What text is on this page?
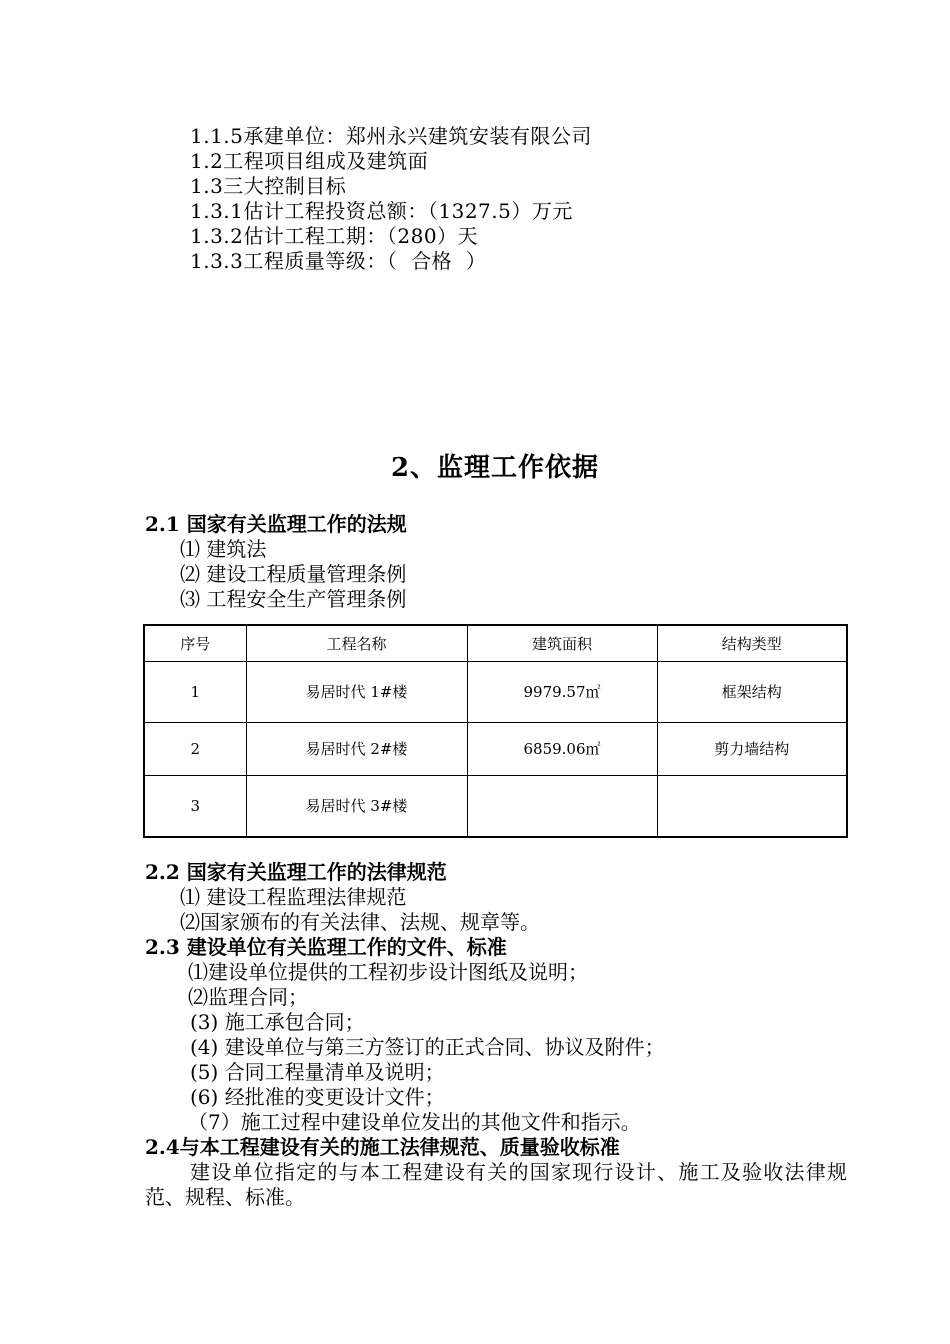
1.1.5承建单位：郑州永兴建筑安装有限公司
1.2工程项目组成及建筑面
1.3三大控制目标
1.3.1估计工程投资总额：（1327.5）万元
1.3.2估计工程工期：（280）天
1.3.3工程质量等级：（  合格  ）
2、监理工作依据
2.1 国家有关监理工作的法规
⑴ 建筑法
⑵ 建设工程质量管理条例
⑶ 工程安全生产管理条例
序号	工程名称	建筑面积	结构类型
1	易居时代 1#楼	9979.57㎡	框架结构
2	易居时代 2#楼	6859.06㎡	剪力墙结构
3	易居时代 3#楼		
2.2 国家有关监理工作的法律规范
⑴ 建设工程监理法律规范
⑵国家颁布的有关法律、法规、规章等。
2.3 建设单位有关监理工作的文件、标准
⑴建设单位提供的工程初步设计图纸及说明；
⑵监理合同；
(3) 施工承包合同；
(4) 建设单位与第三方签订的正式合同、协议及附件；
(5) 合同工程量清单及说明；
(6) 经批准的变更设计文件；
（7）施工过程中建设单位发出的其他文件和指示。
2.4与本工程建设有关的施工法律规范、质量验收标准
建设单位指定的与本工程建设有关的国家现行设计、施工及验收法律规范、规程、标准。
